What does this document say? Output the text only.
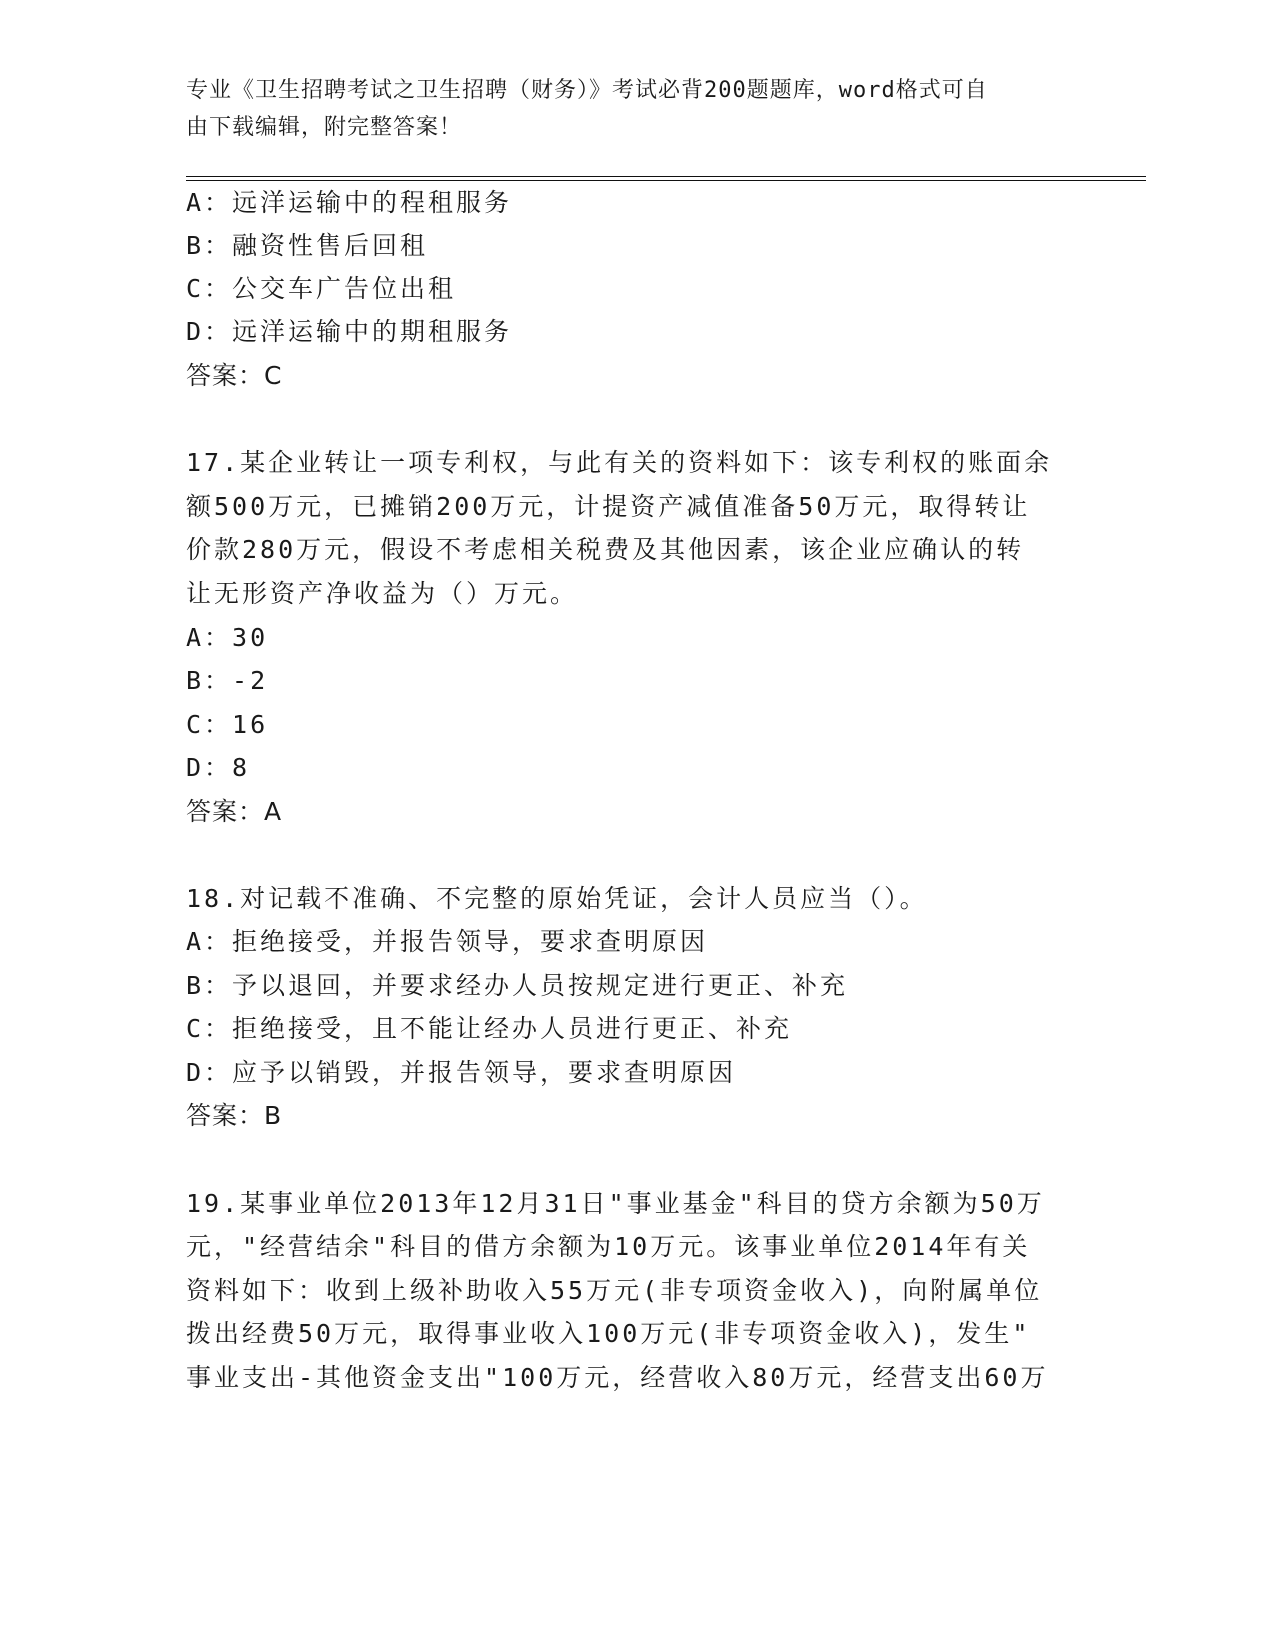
专业《卫生招聘考试之卫生招聘（财务）》考试必背200题题库，word格式可自
由下载编辑，附完整答案！
A：远洋运输中的程租服务
B：融资性售后回租
C：公交车广告位出租
D：远洋运输中的期租服务
答案：C
17.某企业转让一项专利权，与此有关的资料如下：该专利权的账面余
额500万元，已摊销200万元，计提资产减值准备50万元，取得转让
价款280万元，假设不考虑相关税费及其他因素，该企业应确认的转
让无形资产净收益为（）万元。
A：30
B：-2
C：16
D：8
答案：A
18.对记载不准确、不完整的原始凭证，会计人员应当（）。
A：拒绝接受，并报告领导，要求查明原因
B：予以退回，并要求经办人员按规定进行更正、补充
C：拒绝接受，且不能让经办人员进行更正、补充
D：应予以销毁，并报告领导，要求查明原因
答案：B
19.某事业单位2013年12月31日"事业基金"科目的贷方余额为50万
元，"经营结余"科目的借方余额为10万元。该事业单位2014年有关
资料如下：收到上级补助收入55万元(非专项资金收入)，向附属单位
拨出经费50万元，取得事业收入100万元(非专项资金收入)，发生"
事业支出-其他资金支出"100万元，经营收入80万元，经营支出60万
